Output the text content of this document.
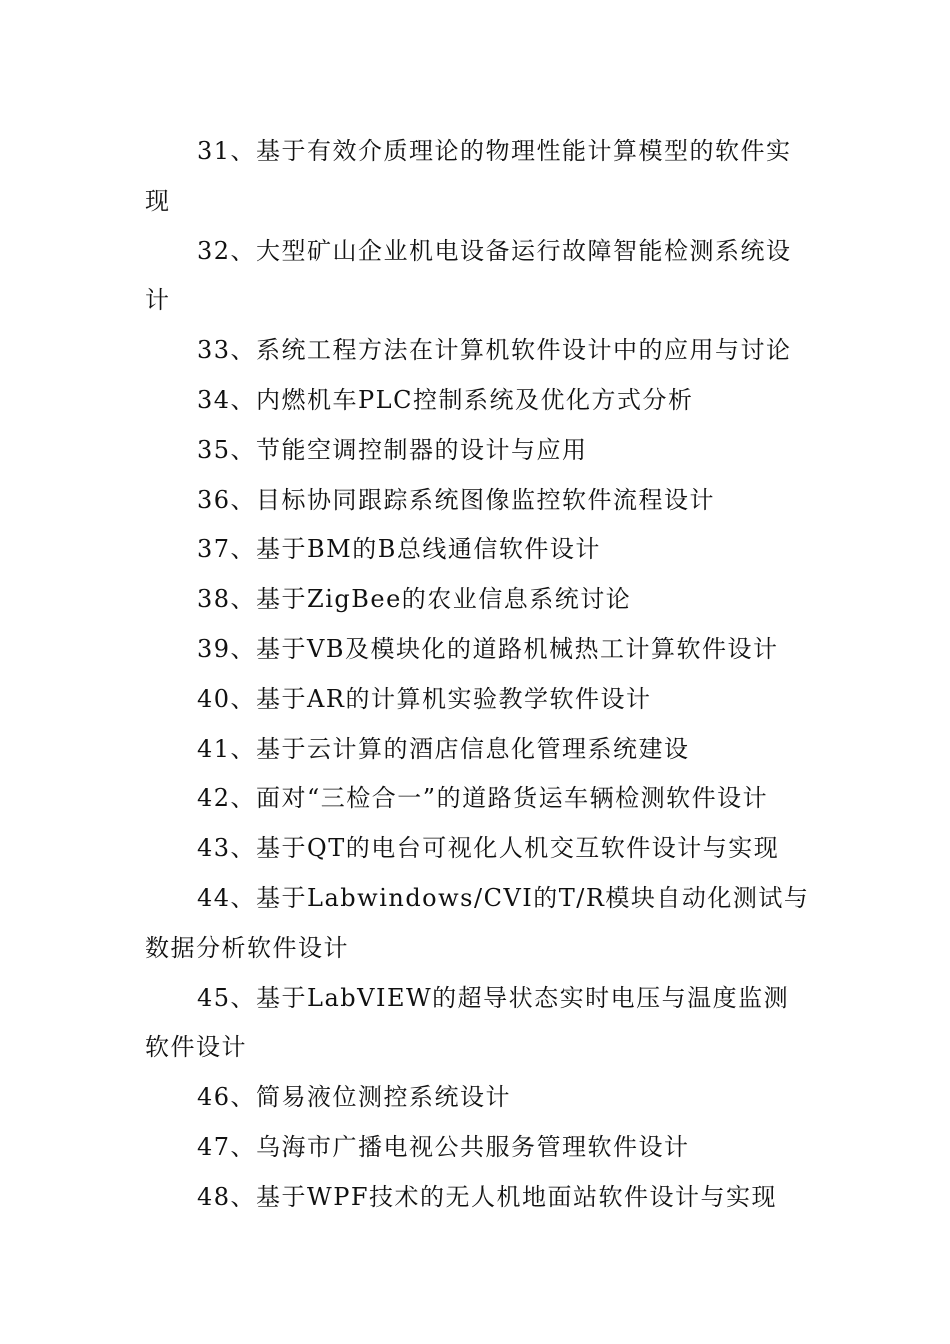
31、基于有效介质理论的物理性能计算模型的软件实现

32、大型矿山企业机电设备运行故障智能检测系统设计

33、系统工程方法在计算机软件设计中的应用与讨论

34、内燃机车PLC控制系统及优化方式分析

35、节能空调控制器的设计与应用

36、目标协同跟踪系统图像监控软件流程设计

37、基于BM的B总线通信软件设计

38、基于ZigBee的农业信息系统讨论

39、基于VB及模块化的道路机械热工计算软件设计

40、基于AR的计算机实验教学软件设计

41、基于云计算的酒店信息化管理系统建设

42、面对“三检合一”的道路货运车辆检测软件设计

43、基于QT的电台可视化人机交互软件设计与实现

44、基于Labwindows/CVI的T/R模块自动化测试与数据分析软件设计

45、基于LabVIEW的超导状态实时电压与温度监测软件设计

46、简易液位测控系统设计

47、乌海市广播电视公共服务管理软件设计

48、基于WPF技术的无人机地面站软件设计与实现
